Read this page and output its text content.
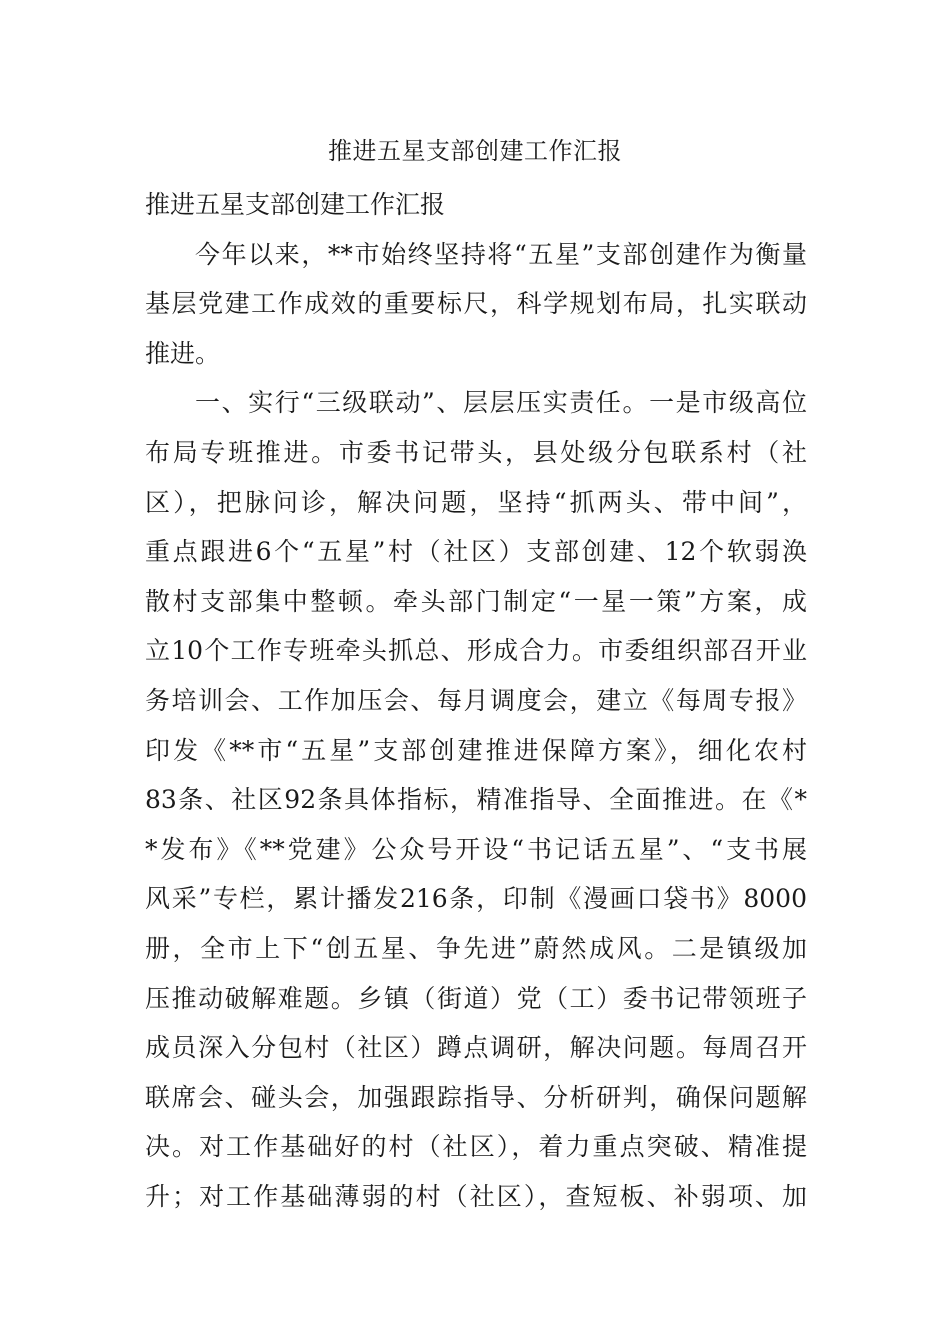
推进五星支部创建工作汇报
推进五星支部创建工作汇报
今年以来，**市始终坚持将“五星”支部创建作为衡量
基层党建工作成效的重要标尺，科学规划布局，扎实联动
推进。
一、实行“三级联动”、层层压实责任。一是市级高位
布局专班推进。市委书记带头，县处级分包联系村（社
区），把脉问诊，解决问题，坚持“抓两头、带中间”，
重点跟进6个“五星”村（社区）支部创建、12个软弱涣
散村支部集中整顿。牵头部门制定“一星一策”方案，成
立10个工作专班牵头抓总、形成合力。市委组织部召开业
务培训会、工作加压会、每月调度会，建立《每周专报》
印发《**市“五星”支部创建推进保障方案》，细化农村
83条、社区92条具体指标，精准指导、全面推进。在《*
*发布》《**党建》公众号开设“书记话五星”、“支书展
风采”专栏，累计播发216条，印制《漫画口袋书》8000
册，全市上下“创五星、争先进”蔚然成风。二是镇级加
压推动破解难题。乡镇（街道）党（工）委书记带领班子
成员深入分包村（社区）蹲点调研，解决问题。每周召开
联席会、碰头会，加强跟踪指导、分析研判，确保问题解
决。对工作基础好的村（社区），着力重点突破、精准提
升；对工作基础薄弱的村（社区），查短板、补弱项、加
